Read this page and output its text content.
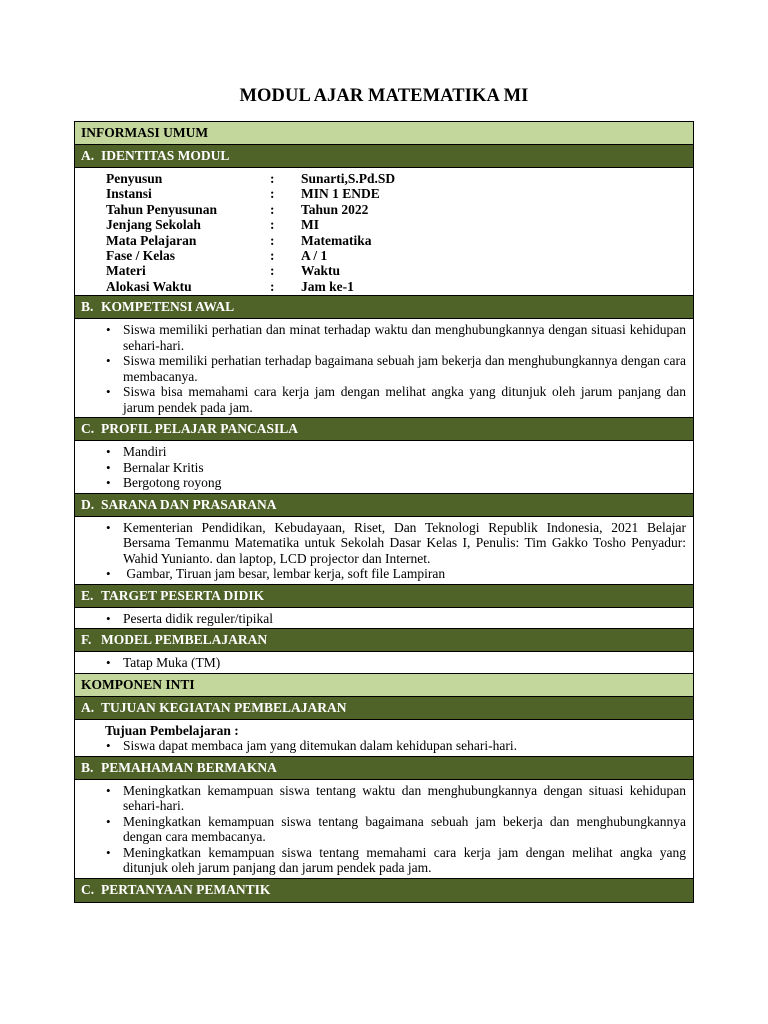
MODUL AJAR MATEMATIKA MI
INFORMASI UMUM
A. IDENTITAS MODUL
Penyusun	:	Sunarti,S.Pd.SD
Instansi	:	MIN 1 ENDE
Tahun Penyusunan	:	Tahun 2022
Jenjang Sekolah	:	MI
Mata Pelajaran	:	Matematika
Fase / Kelas	:	A / 1
Materi	:	Waktu
Alokasi Waktu	:	Jam ke-1
B. KOMPETENSI AWAL
• Siswa memiliki perhatian dan minat terhadap waktu dan menghubungkannya dengan situasi kehidupan sehari-hari.
• Siswa memiliki perhatian terhadap bagaimana sebuah jam bekerja dan menghubungkannya dengan cara membacanya.
• Siswa bisa memahami cara kerja jam dengan melihat angka yang ditunjuk oleh jarum panjang dan jarum pendek pada jam.
C. PROFIL PELAJAR PANCASILA
• Mandiri
• Bernalar Kritis
• Bergotong royong
D. SARANA DAN PRASARANA
• Kementerian Pendidikan, Kebudayaan, Riset, Dan Teknologi Republik Indonesia, 2021 Belajar Bersama Temanmu Matematika untuk Sekolah Dasar Kelas I, Penulis: Tim Gakko Tosho Penyadur: Wahid Yunianto. dan laptop, LCD projector dan Internet.
•  Gambar, Tiruan jam besar, lembar kerja, soft file Lampiran
E. TARGET PESERTA DIDIK
• Peserta didik reguler/tipikal
F. MODEL PEMBELAJARAN
• Tatap Muka (TM)
KOMPONEN INTI
A. TUJUAN KEGIATAN PEMBELAJARAN
Tujuan Pembelajaran :
• Siswa dapat membaca jam yang ditemukan dalam kehidupan sehari-hari.
B. PEMAHAMAN BERMAKNA
• Meningkatkan kemampuan siswa tentang waktu dan menghubungkannya dengan situasi kehidupan sehari-hari.
• Meningkatkan kemampuan siswa tentang bagaimana sebuah jam bekerja dan menghubungkannya dengan cara membacanya.
• Meningkatkan kemampuan siswa tentang memahami cara kerja jam dengan melihat angka yang ditunjuk oleh jarum panjang dan jarum pendek pada jam.
C. PERTANYAAN PEMANTIK
